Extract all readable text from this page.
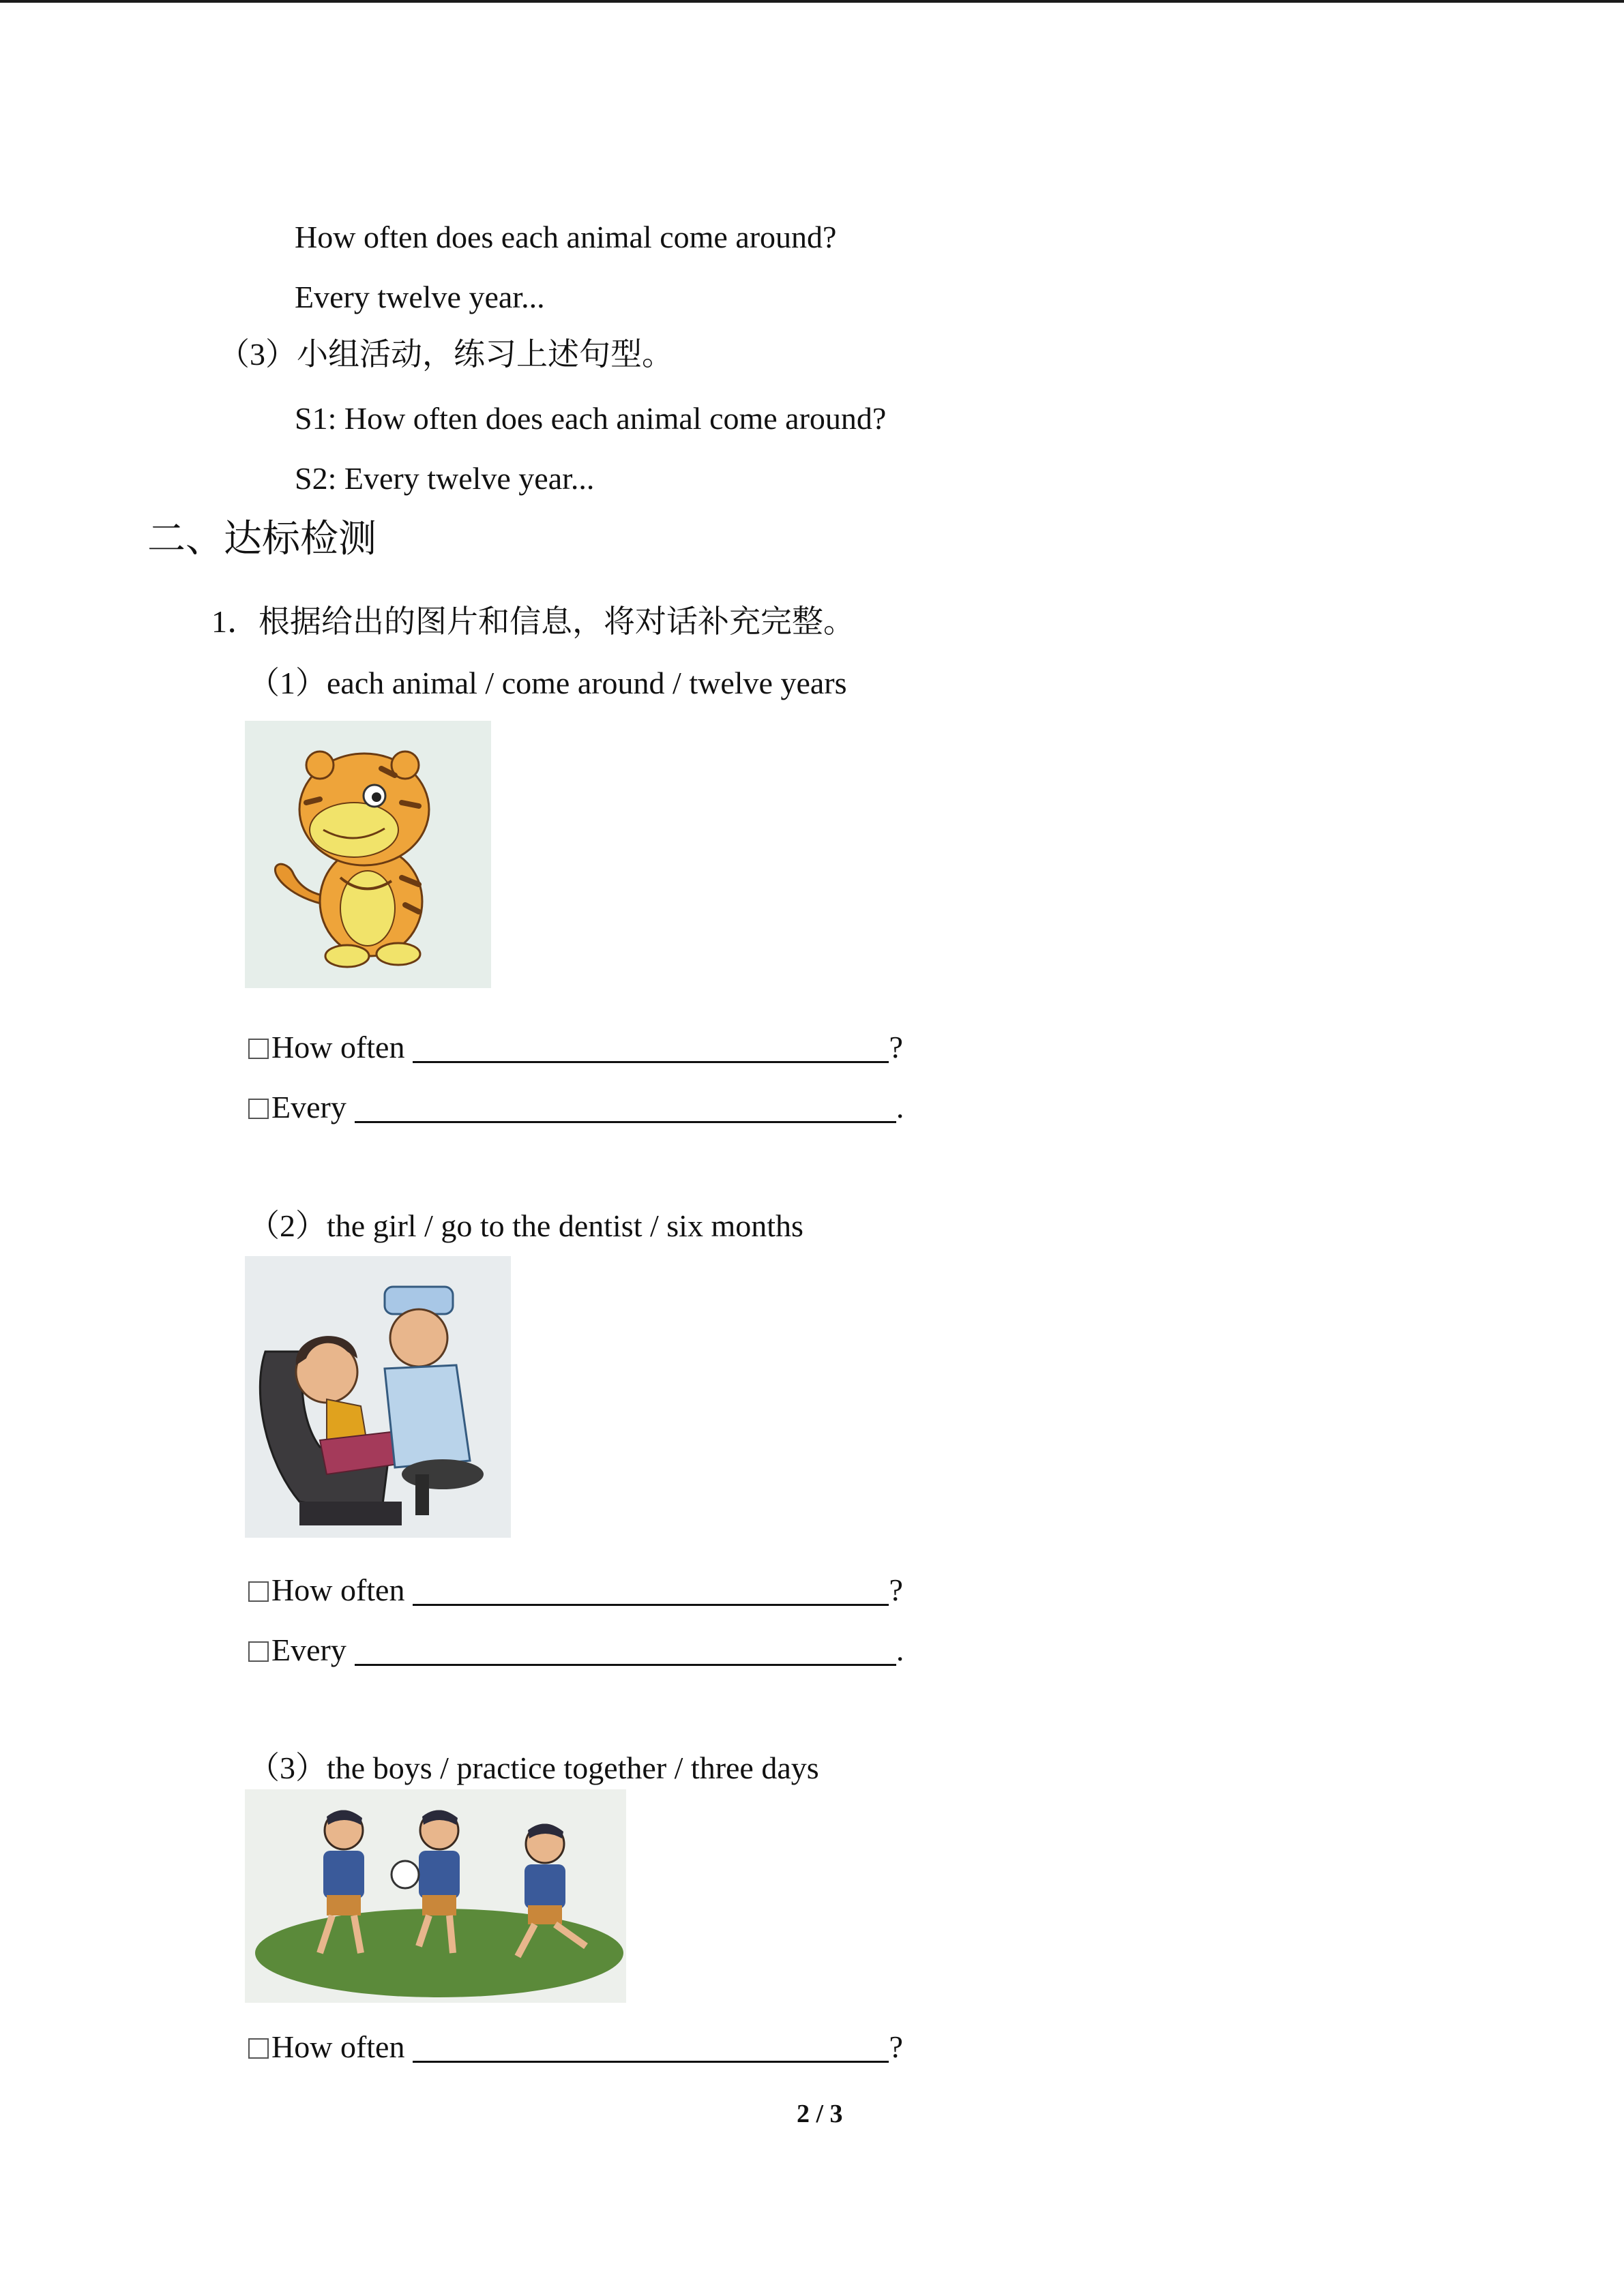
How often does each animal come around?
Every twelve year...
（3）小组活动，练习上述句型。
S1: How often does each animal come around?
S2: Every twelve year...
二、达标检测
1．根据给出的图片和信息，将对话补充完整。
（1）each animal / come around / twelve years
How often	?
Every	.
（2）the girl / go to the dentist / six months
How often	?
Every	.
（3）the boys / practice together / three days
How often	?
2 / 3
